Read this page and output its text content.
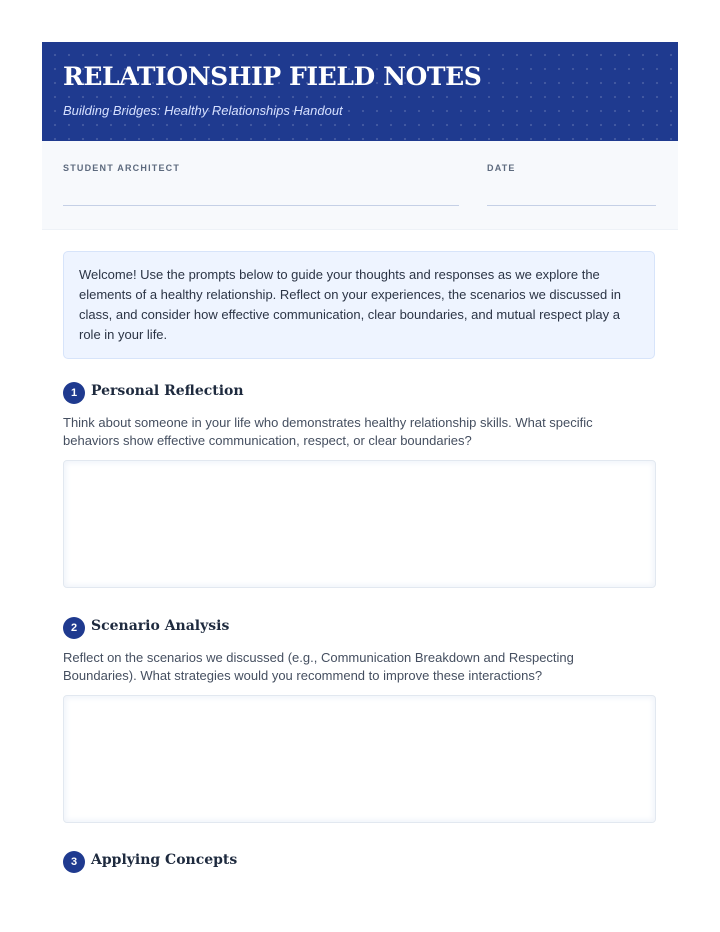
RELATIONSHIP FIELD NOTES

Building Bridges: Healthy Relationships Handout

STUDENT ARCHITECT	DATE
Welcome! Use the prompts below to guide your thoughts and responses as we explore the elements of a healthy relationship. Reflect on your experiences, the scenarios we discussed in class, and consider how effective communication, clear boundaries, and mutual respect play a role in your life.
1 Personal Reflection

Think about someone in your life who demonstrates healthy relationship skills. What specific behaviors show effective communication, respect, or clear boundaries?

2 Scenario Analysis

Reflect on the scenarios we discussed (e.g., Communication Breakdown and Respecting Boundaries). What strategies would you recommend to improve these interactions?

3 Applying Concepts
